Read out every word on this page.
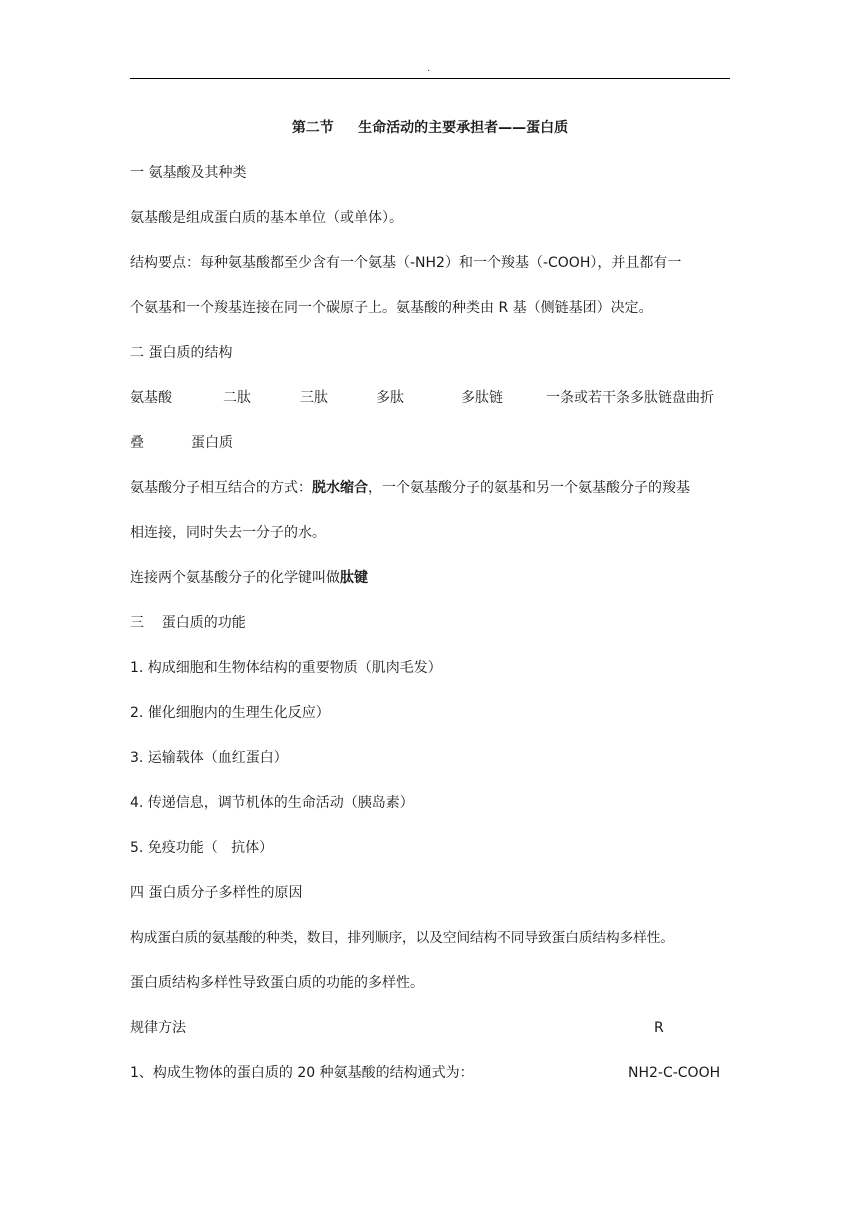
.
第二节     生命活动的主要承担者——蛋白质
一 氨基酸及其种类
氨基酸是组成蛋白质的基本单位（或单体）。
结构要点：每种氨基酸都至少含有一个氨基（-NH2）和一个羧基（-COOH），并且都有一
个氨基和一个羧基连接在同一个碳原子上。氨基酸的种类由 R 基（侧链基团）决定。
二 蛋白质的结构
氨基酸	二肽	三肽	多肽	多肽链	一条或若干条多肽链盘曲折
叠	蛋白质
氨基酸分子相互结合的方式：脱水缩合，一个氨基酸分子的氨基和另一个氨基酸分子的羧基
相连接，同时失去一分子的水。
连接两个氨基酸分子的化学键叫做肽键
三    蛋白质的功能
1. 构成细胞和生物体结构的重要物质（肌肉毛发）
2. 催化细胞内的生理生化反应）
3. 运输载体（血红蛋白）
4. 传递信息，调节机体的生命活动（胰岛素）
5. 免疫功能（   抗体）
四 蛋白质分子多样性的原因
构成蛋白质的氨基酸的种类，数目，排列顺序，以及空间结构不同导致蛋白质结构多样性。
蛋白质结构多样性导致蛋白质的功能的多样性。
规律方法	R
1、构成生物体的蛋白质的 20 种氨基酸的结构通式为：	NH2-C-COOH
